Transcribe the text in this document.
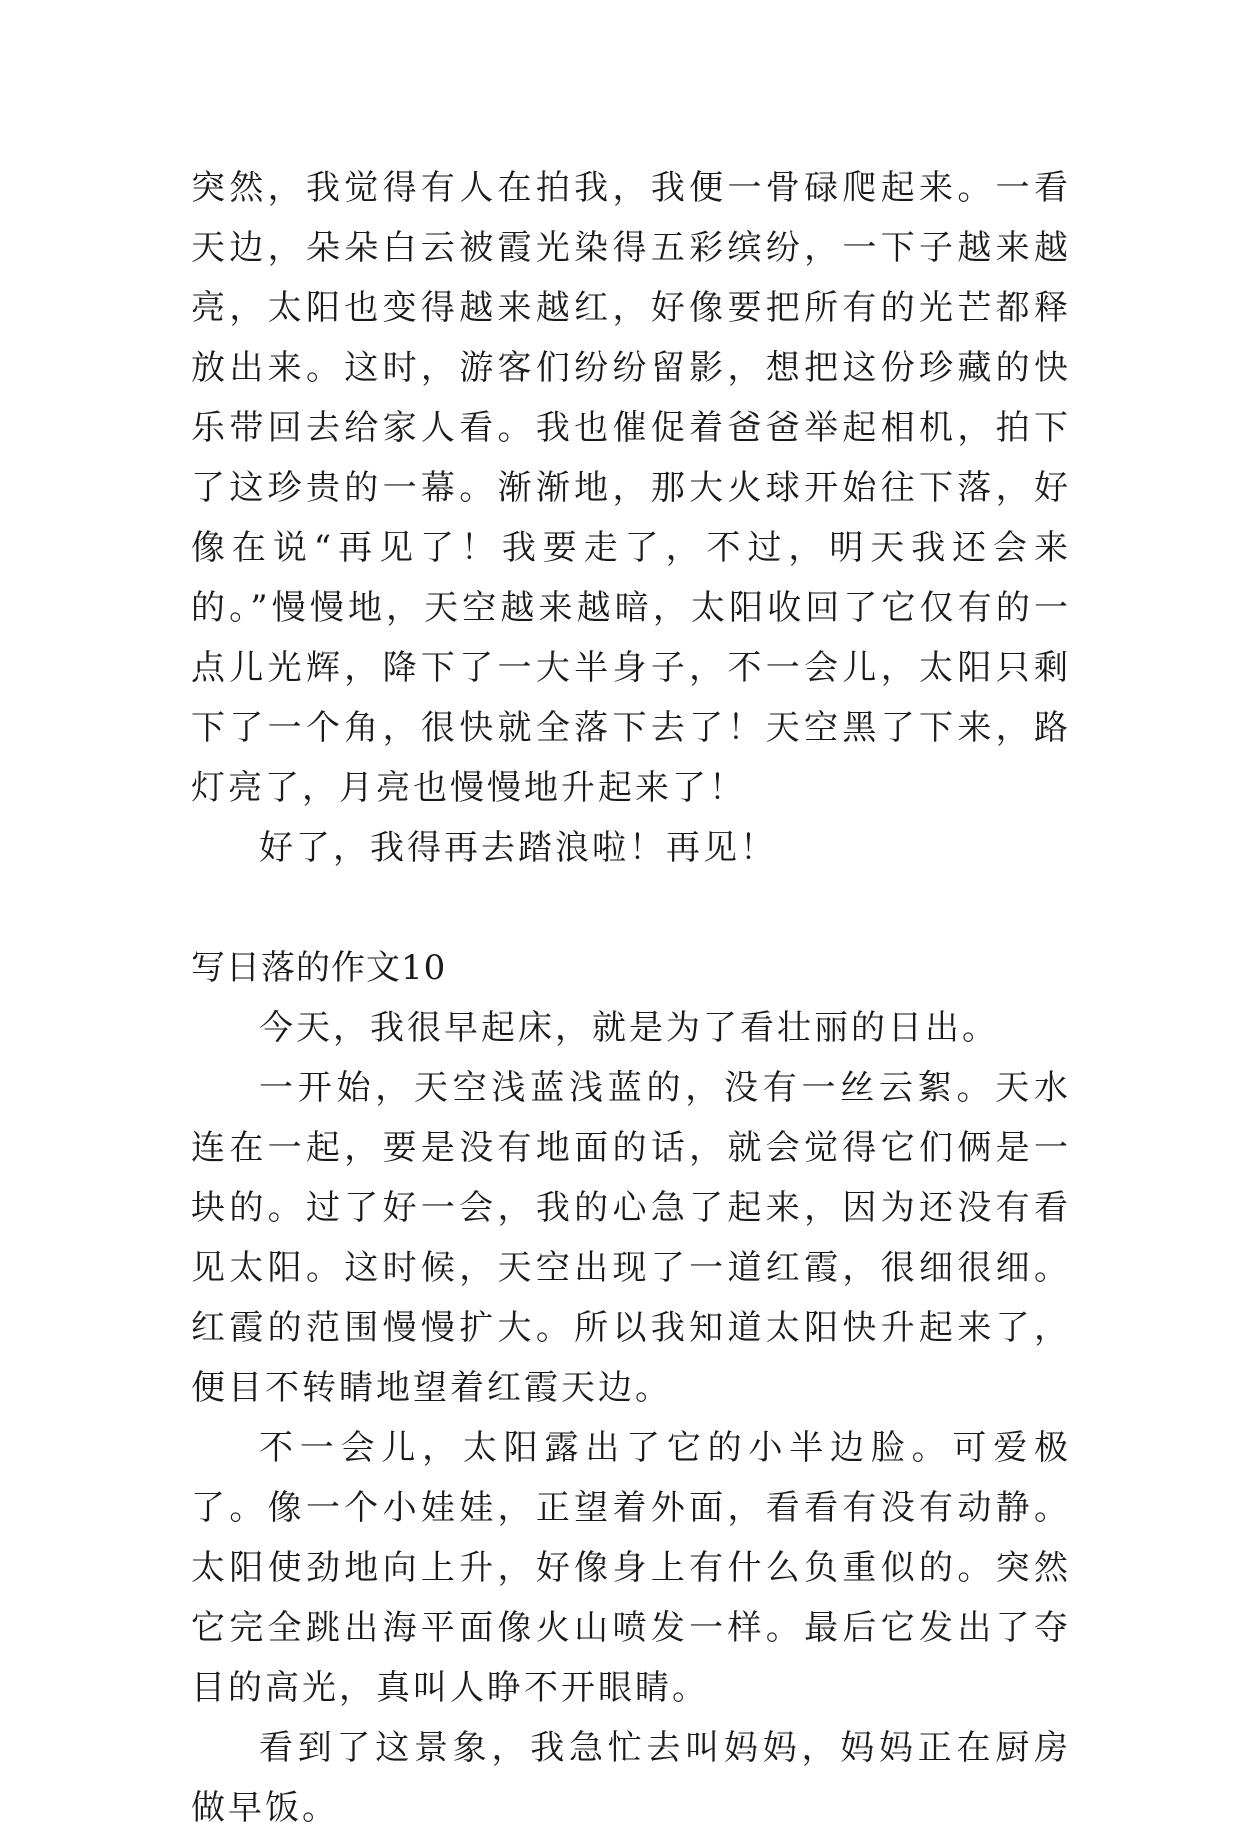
突然，我觉得有人在拍我，我便一骨碌爬起来。一看天边，朵朵白云被霞光染得五彩缤纷，一下子越来越亮，太阳也变得越来越红，好像要把所有的光芒都释放出来。这时，游客们纷纷留影，想把这份珍藏的快乐带回去给家人看。我也催促着爸爸举起相机，拍下了这珍贵的一幕。渐渐地，那大火球开始往下落，好像在说“再见了！我要走了，不过，明天我还会来的。”慢慢地，天空越来越暗，太阳收回了它仅有的一点儿光辉，降下了一大半身子，不一会儿，太阳只剩下了一个角，很快就全落下去了！天空黑了下来，路灯亮了，月亮也慢慢地升起来了！

好了，我得再去踏浪啦！再见！

写日落的作文10

今天，我很早起床，就是为了看壮丽的日出。

一开始，天空浅蓝浅蓝的，没有一丝云絮。天水连在一起，要是没有地面的话，就会觉得它们俩是一块的。过了好一会，我的心急了起来，因为还没有看见太阳。这时候，天空出现了一道红霞，很细很细。红霞的范围慢慢扩大。所以我知道太阳快升起来了，便目不转睛地望着红霞天边。

不一会儿，太阳露出了它的小半边脸。可爱极了。像一个小娃娃，正望着外面，看看有没有动静。太阳使劲地向上升，好像身上有什么负重似的。突然它完全跳出海平面像火山喷发一样。最后它发出了夺目的高光，真叫人睁不开眼睛。

看到了这景象，我急忙去叫妈妈，妈妈正在厨房做早饭。
